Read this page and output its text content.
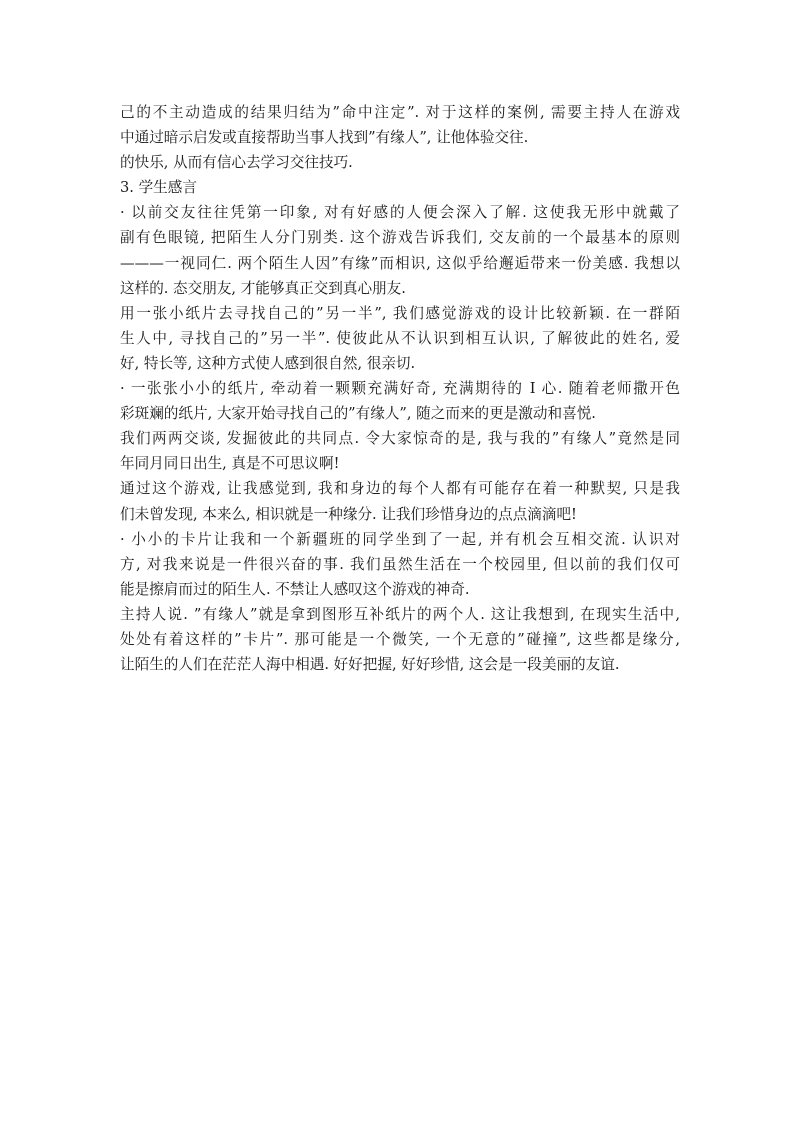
己的不主动造成的结果归结为”命中注定”. 对于这样的案例, 需要主持人在游戏
中通过暗示启发或直接帮助当事人找到”有缘人”, 让他体验交往.
的快乐, 从而有信心去学习交往技巧.
3. 学生感言
· 以前交友往往凭第一印象, 对有好感的人便会深入了解. 这使我无形中就戴了
副有色眼镜, 把陌生人分门别类. 这个游戏告诉我们, 交友前的一个最基本的原则
———一视同仁. 两个陌生人因”有缘”而相识, 这似乎给邂逅带来一份美感. 我想以
这样的. 态交朋友, 才能够真正交到真心朋友.
用一张小纸片去寻找自己的”另一半”, 我们感觉游戏的设计比较新颖. 在一群陌
生人中, 寻找自己的”另一半”. 使彼此从不认识到相互认识, 了解彼此的姓名, 爱
好, 特长等, 这种方式使人感到很自然, 很亲切.
· 一张张小小的纸片, 牵动着一颗颗充满好奇, 充满期待的 I 心. 随着老师撒开色
彩斑斓的纸片, 大家开始寻找自己的”有缘人”, 随之而来的更是激动和喜悦.
我们两两交谈, 发掘彼此的共同点. 令大家惊奇的是, 我与我的”有缘人”竟然是同
年同月同日出生, 真是不可思议啊!
通过这个游戏, 让我感觉到, 我和身边的每个人都有可能存在着一种默契, 只是我
们未曾发现, 本来么, 相识就是一种缘分. 让我们珍惜身边的点点滴滴吧!
· 小小的卡片让我和一个新疆班的同学坐到了一起, 并有机会互相交流. 认识对
方, 对我来说是一件很兴奋的事. 我们虽然生活在一个校园里, 但以前的我们仅可
能是擦肩而过的陌生人. 不禁让人感叹这个游戏的神奇.
主持人说. ”有缘人”就是拿到图形互补纸片的两个人. 这让我想到, 在现实生活中,
处处有着这样的”卡片”. 那可能是一个微笑, 一个无意的”碰撞”, 这些都是缘分,
让陌生的人们在茫茫人海中相遇. 好好把握, 好好珍惜, 这会是一段美丽的友谊.
